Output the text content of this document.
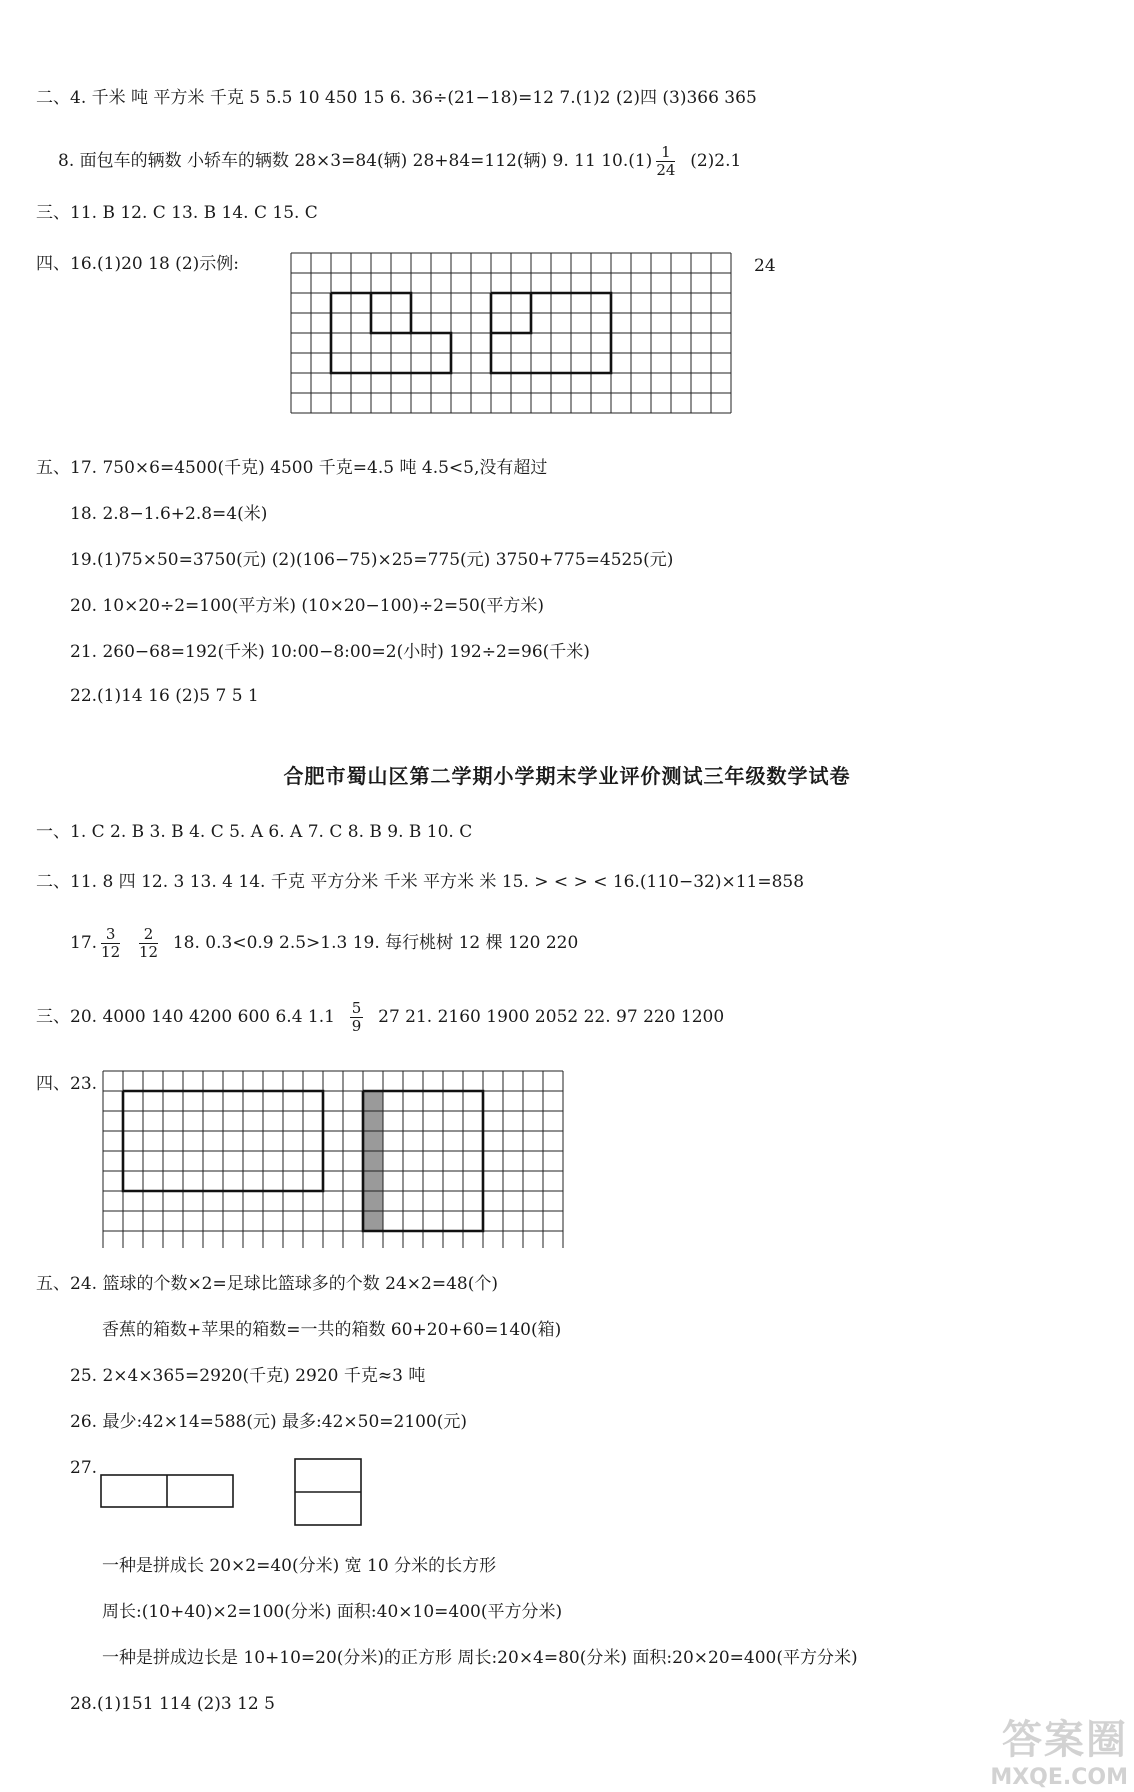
二、4. 千米 吨 平方米 千克 5 5.5 10 450 15 6. 36÷(21−18)=12 7.(1)2 (2)四 (3)366 365
8. 面包车的辆数 小轿车的辆数 28×3=84(辆) 28+84=112(辆) 9. 11 $10.(1) \frac{1}{24} (2)2.1$
三、11. B 12. C 13. B 14. C 15. C
四、16.(1)20 18 (2)示例:	24
五、17. 750×6=4500(千克) 4500 千克=4.5 吨 4.5<5,没有超过
18. 2.8−1.6+2.8=4(米)
19.(1)75×50=3750(元) (2)(106−75)×25=775(元) 3750+775=4525(元)
20. 10×20÷2=100(平方米) (10×20−100)÷2=50(平方米)
21. 260−68=192(千米) 10:00−8:00=2(小时) 192÷2=96(千米)
22.(1)14 16 (2)5 7 5 1
合肥市蜀山区第二学期小学期末学业评价测试三年级数学试卷
一、1. C 2. B 3. B 4. C 5. A 6. A 7. C 8. B 9. B 10. C
二、11. 8 四 12. 3 13. 4 14. 千克 平方分米 千米 平方米 米 15. > < > < 16.(110−32)×11=858
17. $\frac{3}{12}$
$\frac{2}{12} 18$. 0.3<0.9 2.5>1.3 19. 每行桃树 12 棵 120 220
三、20. 4000 140 4200 600 6.4 $1.1 \frac{5}{9} 27$ 21. 2160 1900 2052 22. 97 220 1200
四、23.
五、24. 篮球的个数×2=足球比篮球多的个数 24×2=48(个)
香蕉的箱数+苹果的箱数=一共的箱数 60+20+60=140(箱)
25. 2×4×365=2920(千克) 2920 千克≈3 吨
26. 最少:42×14=588(元) 最多:42×50=2100(元)
27.
一种是拼成长 20×2=40(分米) 宽 10 分米的长方形
周长:(10+40)×2=100(分米) 面积:40×10=400(平方分米)
一种是拼成边长是 10+10=20(分米)的正方形 周长:20×4=80(分米) 面积:20×20=400(平方分米)
28.(1)151 114 (2)3 12 5
答案圈
MXQE.COM
